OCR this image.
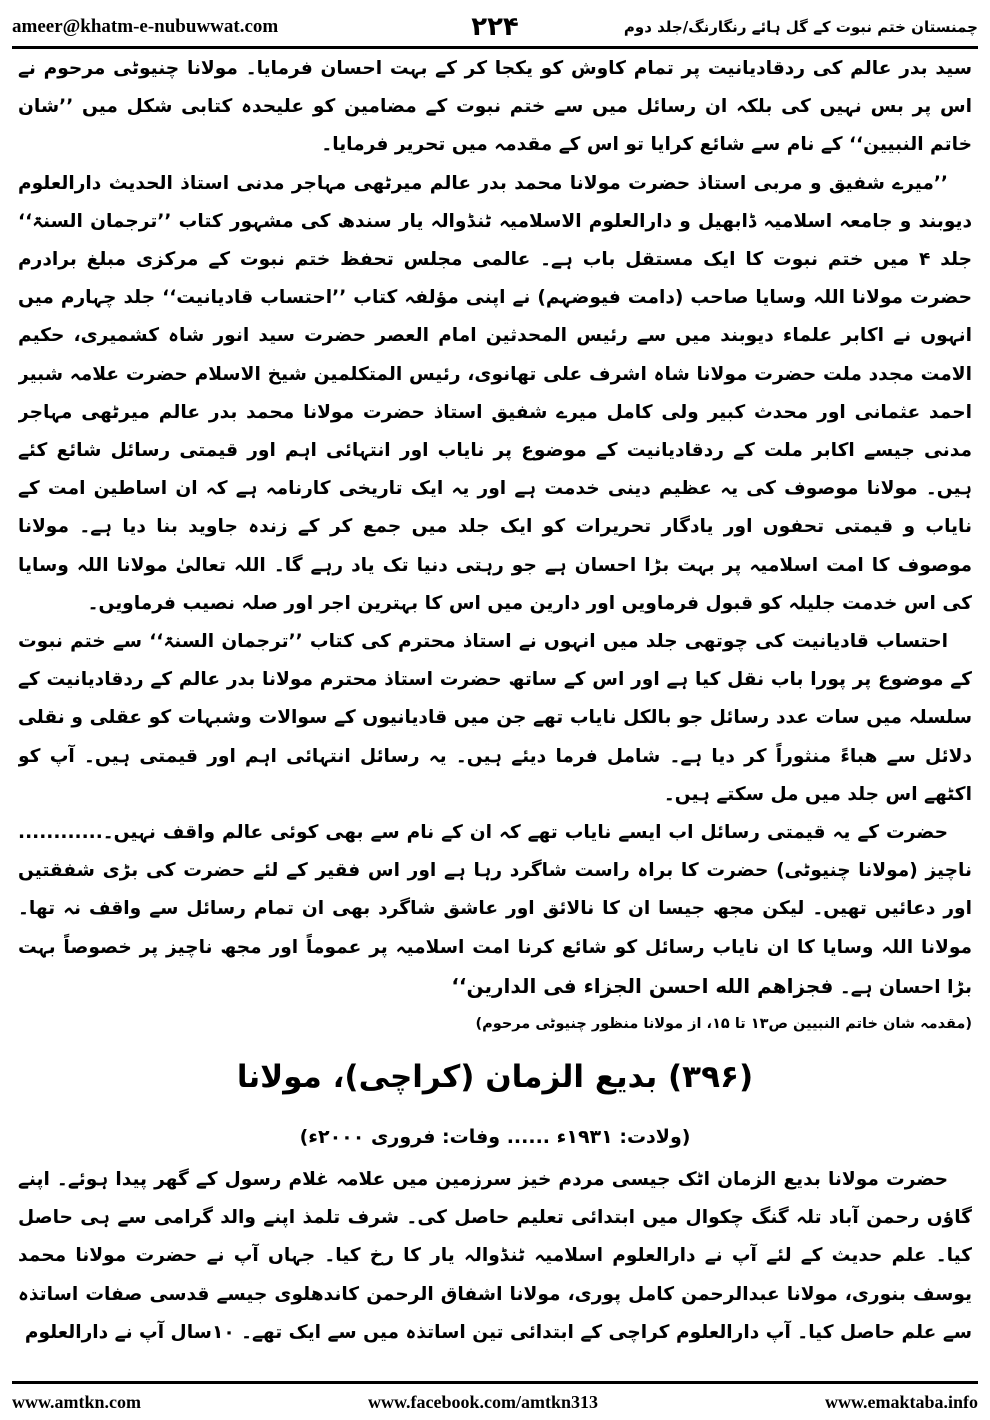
ameer@khatm-e-nubuwwat.com	۲۲۴	چمنستان ختم نبوت کے گل ہائے رنگارنگ/جلد دوم

سید بدر عالم کی ردقادیانیت پر تمام کاوش کو یکجا کر کے بہت احسان فرمایا۔ مولانا چنیوٹی مرحوم نے اس پر بس نہیں کی بلکہ ان رسائل میں سے ختم نبوت کے مضامین کو علیحدہ کتابی شکل میں ’’شان خاتم النبیین‘‘ کے نام سے شائع کرایا تو اس کے مقدمہ میں تحریر فرمایا۔

’’میرے شفیق و مربی استاذ حضرت مولانا محمد بدر عالم میرٹھی مہاجر مدنی استاذ الحدیث دارالعلوم دیوبند و جامعہ اسلامیہ ڈابھیل و دارالعلوم الاسلامیہ ٹنڈوالہ یار سندھ کی مشہور کتاب ’’ترجمان السنۃ‘‘ جلد ۴ میں ختم نبوت کا ایک مستقل باب ہے۔ عالمی مجلس تحفظ ختم نبوت کے مرکزی مبلغ برادرم حضرت مولانا اللہ وسایا صاحب (دامت فیوضہم) نے اپنی مؤلفہ کتاب ’’احتساب قادیانیت‘‘ جلد چہارم میں انہوں نے اکابر علماء دیوبند میں سے رئیس المحدثین امام العصر حضرت سید انور شاہ کشمیری، حکیم الامت مجدد ملت حضرت مولانا شاہ اشرف علی تھانوی، رئیس المتکلمین شیخ الاسلام حضرت علامہ شبیر احمد عثمانی اور محدث کبیر ولی کامل میرے شفیق استاذ حضرت مولانا محمد بدر عالم میرٹھی مہاجر مدنی جیسے اکابر ملت کے ردقادیانیت کے موضوع پر نایاب اور انتہائی اہم اور قیمتی رسائل شائع کئے ہیں۔ مولانا موصوف کی یہ عظیم دینی خدمت ہے اور یہ ایک تاریخی کارنامہ ہے کہ ان اساطین امت کے نایاب و قیمتی تحفوں اور یادگار تحریرات کو ایک جلد میں جمع کر کے زندہ جاوید بنا دیا ہے۔ مولانا موصوف کا امت اسلامیہ پر بہت بڑا احسان ہے جو رہتی دنیا تک یاد رہے گا۔ اللہ تعالیٰ مولانا اللہ وسایا کی اس خدمت جلیلہ کو قبول فرماویں اور دارین میں اس کا بہترین اجر اور صلہ نصیب فرماویں۔

احتساب قادیانیت کی چوتھی جلد میں انہوں نے استاذ محترم کی کتاب ’’ترجمان السنۃ‘‘ سے ختم نبوت کے موضوع پر پورا باب نقل کیا ہے اور اس کے ساتھ حضرت استاذ محترم مولانا بدر عالم کے ردقادیانیت کے سلسلہ میں سات عدد رسائل جو بالکل نایاب تھے جن میں قادیانیوں کے سوالات وشبہات کو عقلی و نقلی دلائل سے ھباءً منثوراً کر دیا ہے۔ شامل فرما دیئے ہیں۔ یہ رسائل انتہائی اہم اور قیمتی ہیں۔ آپ کو اکٹھے اس جلد میں مل سکتے ہیں۔

حضرت کے یہ قیمتی رسائل اب ایسے نایاب تھے کہ ان کے نام سے بھی کوئی عالم واقف نہیں۔............ ناچیز (مولانا چنیوٹی) حضرت کا براہ راست شاگرد رہا ہے اور اس فقیر کے لئے حضرت کی بڑی شفقتیں اور دعائیں تھیں۔ لیکن مجھ جیسا ان کا نالائق اور عاشق شاگرد بھی ان تمام رسائل سے واقف نہ تھا۔ مولانا اللہ وسایا کا ان نایاب رسائل کو شائع کرنا امت اسلامیہ پر عموماً اور مجھ ناچیز پر خصوصاً بہت بڑا احسان ہے۔ فجزاهم الله احسن الجزاء فی الدارین‘‘

(مقدمہ شان خاتم النبیین ص۱۳ تا ۱۵، از مولانا منظور چنیوٹی مرحوم)

(۳۹۶) بدیع الزمان (کراچی)، مولانا

(ولادت: ۱۹۳۱ء ...... وفات: فروری ۲۰۰۰ء)

حضرت مولانا بدیع الزمان اٹک جیسی مردم خیز سرزمین میں علامہ غلام رسول کے گھر پیدا ہوئے۔ اپنے گاؤں رحمن آباد تلہ گنگ چکوال میں ابتدائی تعلیم حاصل کی۔ شرف تلمذ اپنے والد گرامی سے ہی حاصل کیا۔ علم حدیث کے لئے آپ نے دارالعلوم اسلامیہ ٹنڈوالہ یار کا رخ کیا۔ جہاں آپ نے حضرت مولانا محمد یوسف بنوری، مولانا عبدالرحمن کامل پوری، مولانا اشفاق الرحمن کاندھلوی جیسے قدسی صفات اساتذہ سے علم حاصل کیا۔ آپ دارالعلوم کراچی کے ابتدائی تین اساتذہ میں سے ایک تھے۔ ۱۰سال آپ نے دارالعلوم

www.amtkn.com	www.facebook.com/amtkn313	www.emaktaba.info
